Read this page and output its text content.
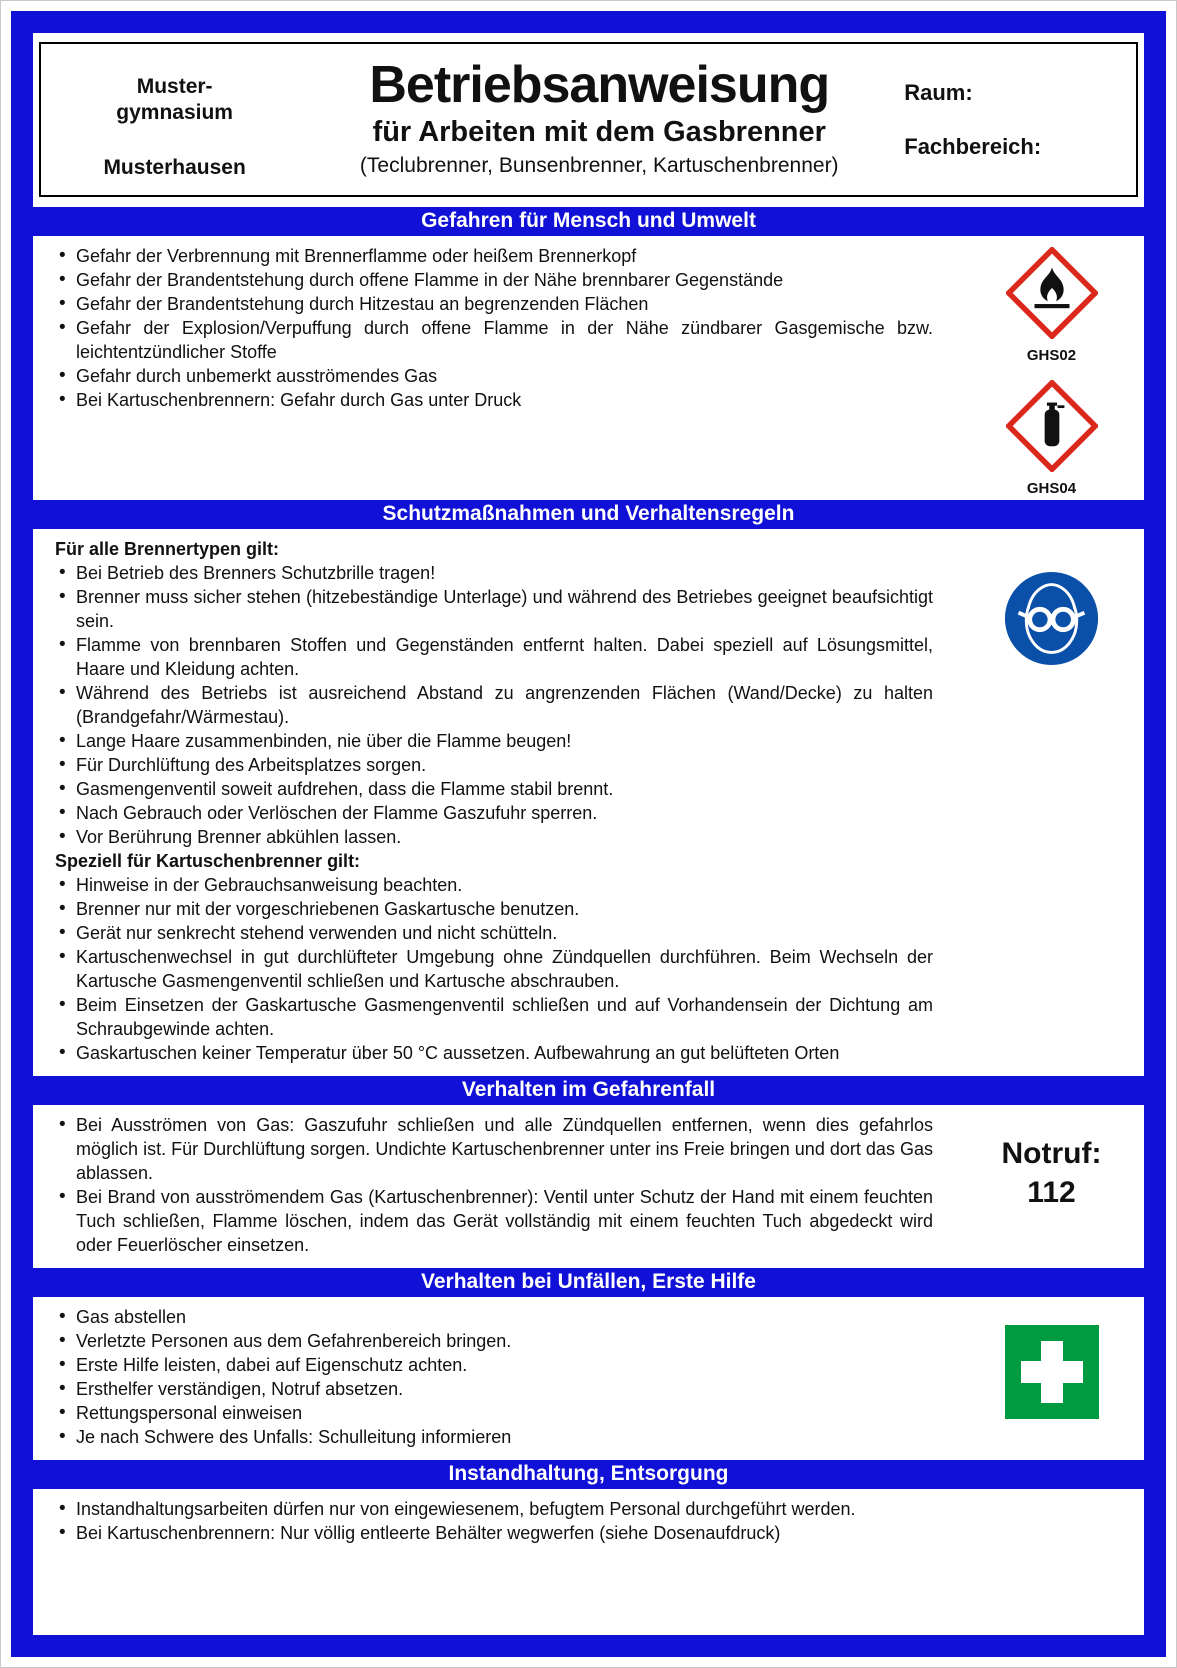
Muster-
gymnasium
Musterhausen
Betriebsanweisung
für Arbeiten mit dem Gasbrenner
(Teclubrenner, Bunsenbrenner, Kartuschenbrenner)
Raum:
Fachbereich:
Gefahren für Mensch und Umwelt
• Gefahr der Verbrennung mit Brennerflamme oder heißem Brennerkopf
• Gefahr der Brandentstehung durch offene Flamme in der Nähe brennbarer Gegenstände
• Gefahr der Brandentstehung durch Hitzestau an begrenzenden Flächen
• Gefahr der Explosion/Verpuffung durch offene Flamme in der Nähe zündbarer Gasgemische bzw. leichtentzündlicher Stoffe
• Gefahr durch unbemerkt ausströmendes Gas
• Bei Kartuschenbrennern: Gefahr durch Gas unter Druck
GHS02
GHS04
Schutzmaßnahmen und Verhaltensregeln
Für alle Brennertypen gilt:
• Bei Betrieb des Brenners Schutzbrille tragen!
• Brenner muss sicher stehen (hitzebeständige Unterlage) und während des Betriebes geeignet beaufsichtigt sein.
• Flamme von brennbaren Stoffen und Gegenständen entfernt halten. Dabei speziell auf Lösungsmittel, Haare und Kleidung achten.
• Während des Betriebs ist ausreichend Abstand zu angrenzenden Flächen (Wand/Decke) zu halten (Brandgefahr/Wärmestau).
• Lange Haare zusammenbinden, nie über die Flamme beugen!
• Für Durchlüftung des Arbeitsplatzes sorgen.
• Gasmengenventil soweit aufdrehen, dass die Flamme stabil brennt.
• Nach Gebrauch oder Verlöschen der Flamme Gaszufuhr sperren.
• Vor Berührung Brenner abkühlen lassen.
Speziell für Kartuschenbrenner gilt:
• Hinweise in der Gebrauchsanweisung beachten.
• Brenner nur mit der vorgeschriebenen Gaskartusche benutzen.
• Gerät nur senkrecht stehend verwenden und nicht schütteln.
• Kartuschenwechsel in gut durchlüfteter Umgebung ohne Zündquellen durchführen. Beim Wechseln der Kartusche Gasmengenventil schließen und Kartusche abschrauben.
• Beim Einsetzen der Gaskartusche Gasmengenventil schließen und auf Vorhandensein der Dichtung am Schraubgewinde achten.
• Gaskartuschen keiner Temperatur über 50 °C aussetzen. Aufbewahrung an gut belüfteten Orten
Verhalten im Gefahrenfall
• Bei Ausströmen von Gas: Gaszufuhr schließen und alle Zündquellen entfernen, wenn dies gefahrlos möglich ist. Für Durchlüftung sorgen. Undichte Kartuschenbrenner unter ins Freie bringen und dort das Gas ablassen.
• Bei Brand von ausströmendem Gas (Kartuschenbrenner): Ventil unter Schutz der Hand mit einem feuchten Tuch schließen, Flamme löschen, indem das Gerät vollständig mit einem feuchten Tuch abgedeckt wird oder Feuerlöscher einsetzen.
Notruf:
112
Verhalten bei Unfällen, Erste Hilfe
• Gas abstellen
• Verletzte Personen aus dem Gefahrenbereich bringen.
• Erste Hilfe leisten, dabei auf Eigenschutz achten.
• Ersthelfer verständigen, Notruf absetzen.
• Rettungspersonal einweisen
• Je nach Schwere des Unfalls: Schulleitung informieren
Instandhaltung, Entsorgung
• Instandhaltungsarbeiten dürfen nur von eingewiesenem, befugtem Personal durchgeführt werden.
• Bei Kartuschenbrennern: Nur völlig entleerte Behälter wegwerfen (siehe Dosenaufdruck)
